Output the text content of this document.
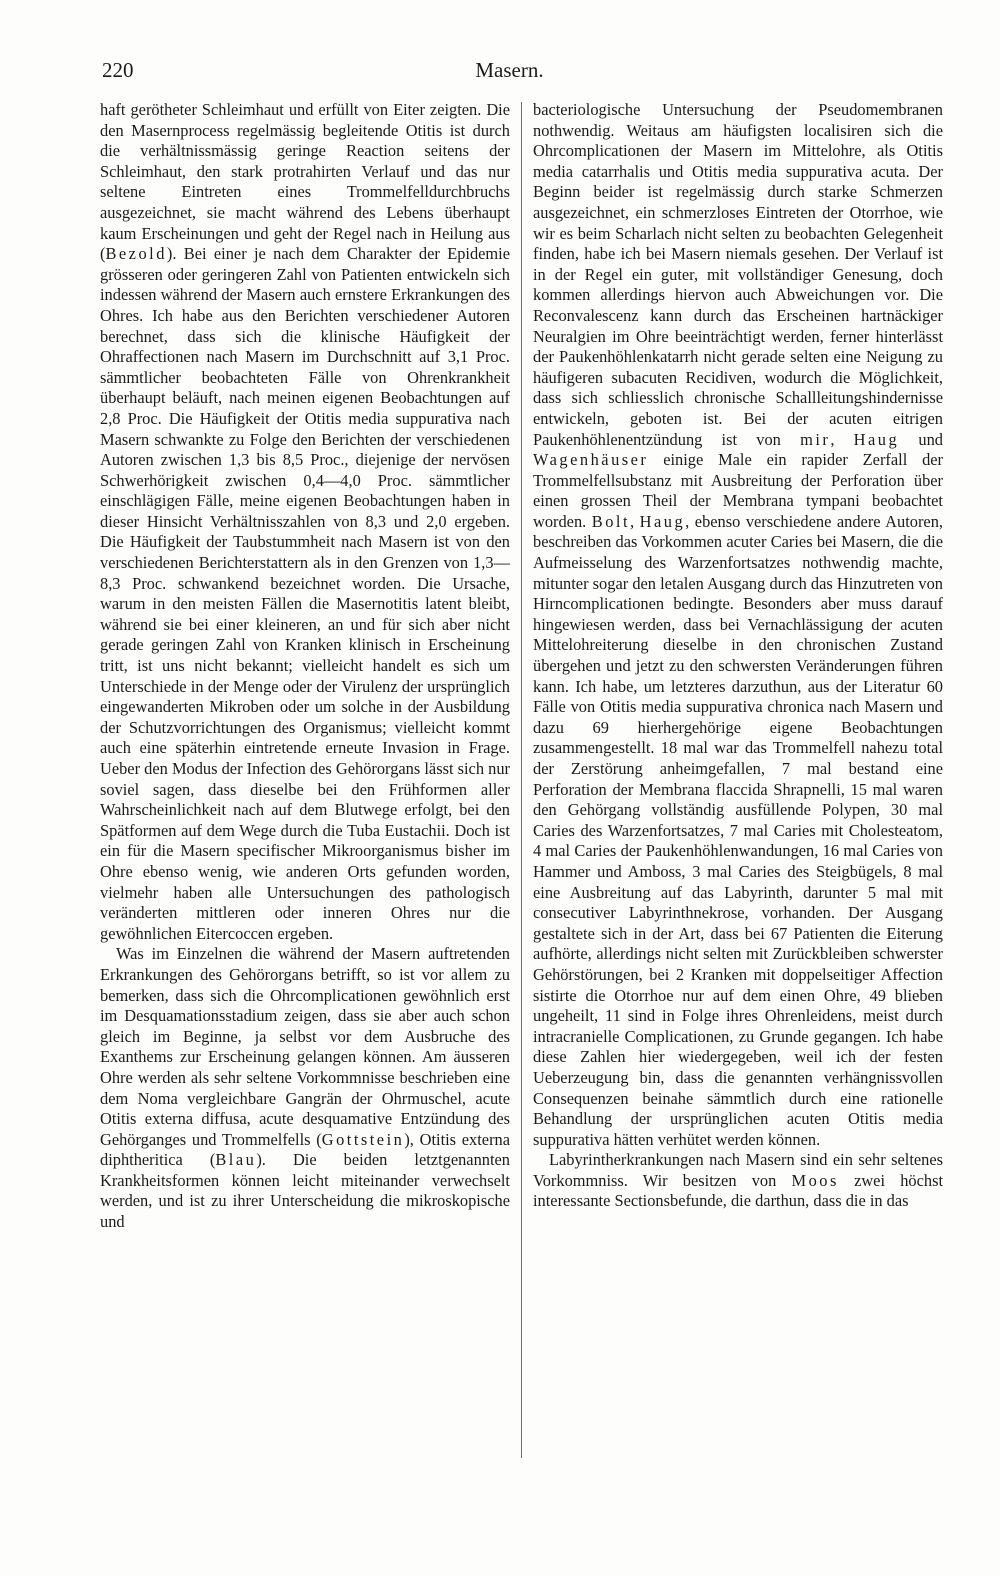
220	Masern.

haft gerötheter Schleimhaut und erfüllt von Eiter zeigten. Die den Masernprocess regelmässig begleitende Otitis ist durch die verhältnissmässig geringe Reaction seitens der Schleimhaut, den stark protrahirten Verlauf und das nur seltene Eintreten eines Trommelfelldurchbruchs ausgezeichnet, sie macht während des Lebens überhaupt kaum Erscheinungen und geht der Regel nach in Heilung aus (Bezold). Bei einer je nach dem Charakter der Epidemie grösseren oder geringeren Zahl von Patienten entwickeln sich indessen während der Masern auch ernstere Erkrankungen des Ohres. Ich habe aus den Berichten verschiedener Autoren berechnet, dass sich die klinische Häufigkeit der Ohraffectionen nach Masern im Durchschnitt auf 3,1 Proc. sämmtlicher beobachteten Fälle von Ohrenkrankheit überhaupt beläuft, nach meinen eigenen Beobachtungen auf 2,8 Proc. Die Häufigkeit der Otitis media suppurativa nach Masern schwankte zu Folge den Berichten der verschiedenen Autoren zwischen 1,3 bis 8,5 Proc., diejenige der nervösen Schwerhörigkeit zwischen 0,4—4,0 Proc. sämmtlicher einschlägigen Fälle, meine eigenen Beobachtungen haben in dieser Hinsicht Verhältnisszahlen von 8,3 und 2,0 ergeben. Die Häufigkeit der Taubstummheit nach Masern ist von den verschiedenen Berichterstattern als in den Grenzen von 1,3—8,3 Proc. schwankend bezeichnet worden. Die Ursache, warum in den meisten Fällen die Masernotitis latent bleibt, während sie bei einer kleineren, an und für sich aber nicht gerade geringen Zahl von Kranken klinisch in Erscheinung tritt, ist uns nicht bekannt; vielleicht handelt es sich um Unterschiede in der Menge oder der Virulenz der ursprünglich eingewanderten Mikroben oder um solche in der Ausbildung der Schutzvorrichtungen des Organismus; vielleicht kommt auch eine späterhin eintretende erneute Invasion in Frage. Ueber den Modus der Infection des Gehörorgans lässt sich nur soviel sagen, dass dieselbe bei den Frühformen aller Wahrscheinlichkeit nach auf dem Blutwege erfolgt, bei den Spätformen auf dem Wege durch die Tuba Eustachii. Doch ist ein für die Masern specifischer Mikroorganismus bisher im Ohre ebenso wenig, wie anderen Orts gefunden worden, vielmehr haben alle Untersuchungen des pathologisch veränderten mittleren oder inneren Ohres nur die gewöhnlichen Eitercoccen ergeben.

Was im Einzelnen die während der Masern auftretenden Erkrankungen des Gehörorgans betrifft, so ist vor allem zu bemerken, dass sich die Ohrcomplicationen gewöhnlich erst im Desquamationsstadium zeigen, dass sie aber auch schon gleich im Beginne, ja selbst vor dem Ausbruche des Exanthems zur Erscheinung gelangen können. Am äusseren Ohre werden als sehr seltene Vorkommnisse beschrieben eine dem Noma vergleichbare Gangrän der Ohrmuschel, acute Otitis externa diffusa, acute desquamative Entzündung des Gehörganges und Trommelfells (Gottstein), Otitis externa diphtheritica (Blau). Die beiden letztgenannten Krankheitsformen können leicht miteinander verwechselt werden, und ist zu ihrer Unterscheidung die mikroskopische und

bacteriologische Untersuchung der Pseudomembranen nothwendig. Weitaus am häufigsten localisiren sich die Ohrcomplicationen der Masern im Mittelohre, als Otitis media catarrhalis und Otitis media suppurativa acuta. Der Beginn beider ist regelmässig durch starke Schmerzen ausgezeichnet, ein schmerzloses Eintreten der Otorrhoe, wie wir es beim Scharlach nicht selten zu beobachten Gelegenheit finden, habe ich bei Masern niemals gesehen. Der Verlauf ist in der Regel ein guter, mit vollständiger Genesung, doch kommen allerdings hiervon auch Abweichungen vor. Die Reconvalescenz kann durch das Erscheinen hartnäckiger Neuralgien im Ohre beeinträchtigt werden, ferner hinterlässt der Paukenhöhlenkatarrh nicht gerade selten eine Neigung zu häufigeren subacuten Recidiven, wodurch die Möglichkeit, dass sich schliesslich chronische Schallleitungshindernisse entwickeln, geboten ist. Bei der acuten eitrigen Paukenhöhlenentzündung ist von mir, Haug und Wagenhäuser einige Male ein rapider Zerfall der Trommelfellsubstanz mit Ausbreitung der Perforation über einen grossen Theil der Membrana tympani beobachtet worden. Bolt, Haug, ebenso verschiedene andere Autoren, beschreiben das Vorkommen acuter Caries bei Masern, die die Aufmeisselung des Warzenfortsatzes nothwendig machte, mitunter sogar den letalen Ausgang durch das Hinzutreten von Hirncomplicationen bedingte. Besonders aber muss darauf hingewiesen werden, dass bei Vernachlässigung der acuten Mittelohreiterung dieselbe in den chronischen Zustand übergehen und jetzt zu den schwersten Veränderungen führen kann. Ich habe, um letzteres darzuthun, aus der Literatur 60 Fälle von Otitis media suppurativa chronica nach Masern und dazu 69 hierhergehörige eigene Beobachtungen zusammengestellt. 18 mal war das Trommelfell nahezu total der Zerstörung anheimgefallen, 7 mal bestand eine Perforation der Membrana flaccida Shrapnelli, 15 mal waren den Gehörgang vollständig ausfüllende Polypen, 30 mal Caries des Warzenfortsatzes, 7 mal Caries mit Cholesteatom, 4 mal Caries der Paukenhöhlenwandungen, 16 mal Caries von Hammer und Amboss, 3 mal Caries des Steigbügels, 8 mal eine Ausbreitung auf das Labyrinth, darunter 5 mal mit consecutiver Labyrinthnekrose, vorhanden. Der Ausgang gestaltete sich in der Art, dass bei 67 Patienten die Eiterung aufhörte, allerdings nicht selten mit Zurückbleiben schwerster Gehörstörungen, bei 2 Kranken mit doppelseitiger Affection sistirte die Otorrhoe nur auf dem einen Ohre, 49 blieben ungeheilt, 11 sind in Folge ihres Ohrenleidens, meist durch intracranielle Complicationen, zu Grunde gegangen. Ich habe diese Zahlen hier wiedergegeben, weil ich der festen Ueberzeugung bin, dass die genannten verhängnissvollen Consequenzen beinahe sämmtlich durch eine rationelle Behandlung der ursprünglichen acuten Otitis media suppurativa hätten verhütet werden können.

Labyrintherkrankungen nach Masern sind ein sehr seltenes Vorkommniss. Wir besitzen von Moos zwei höchst interessante Sectionsbefunde, die darthun, dass die in das
